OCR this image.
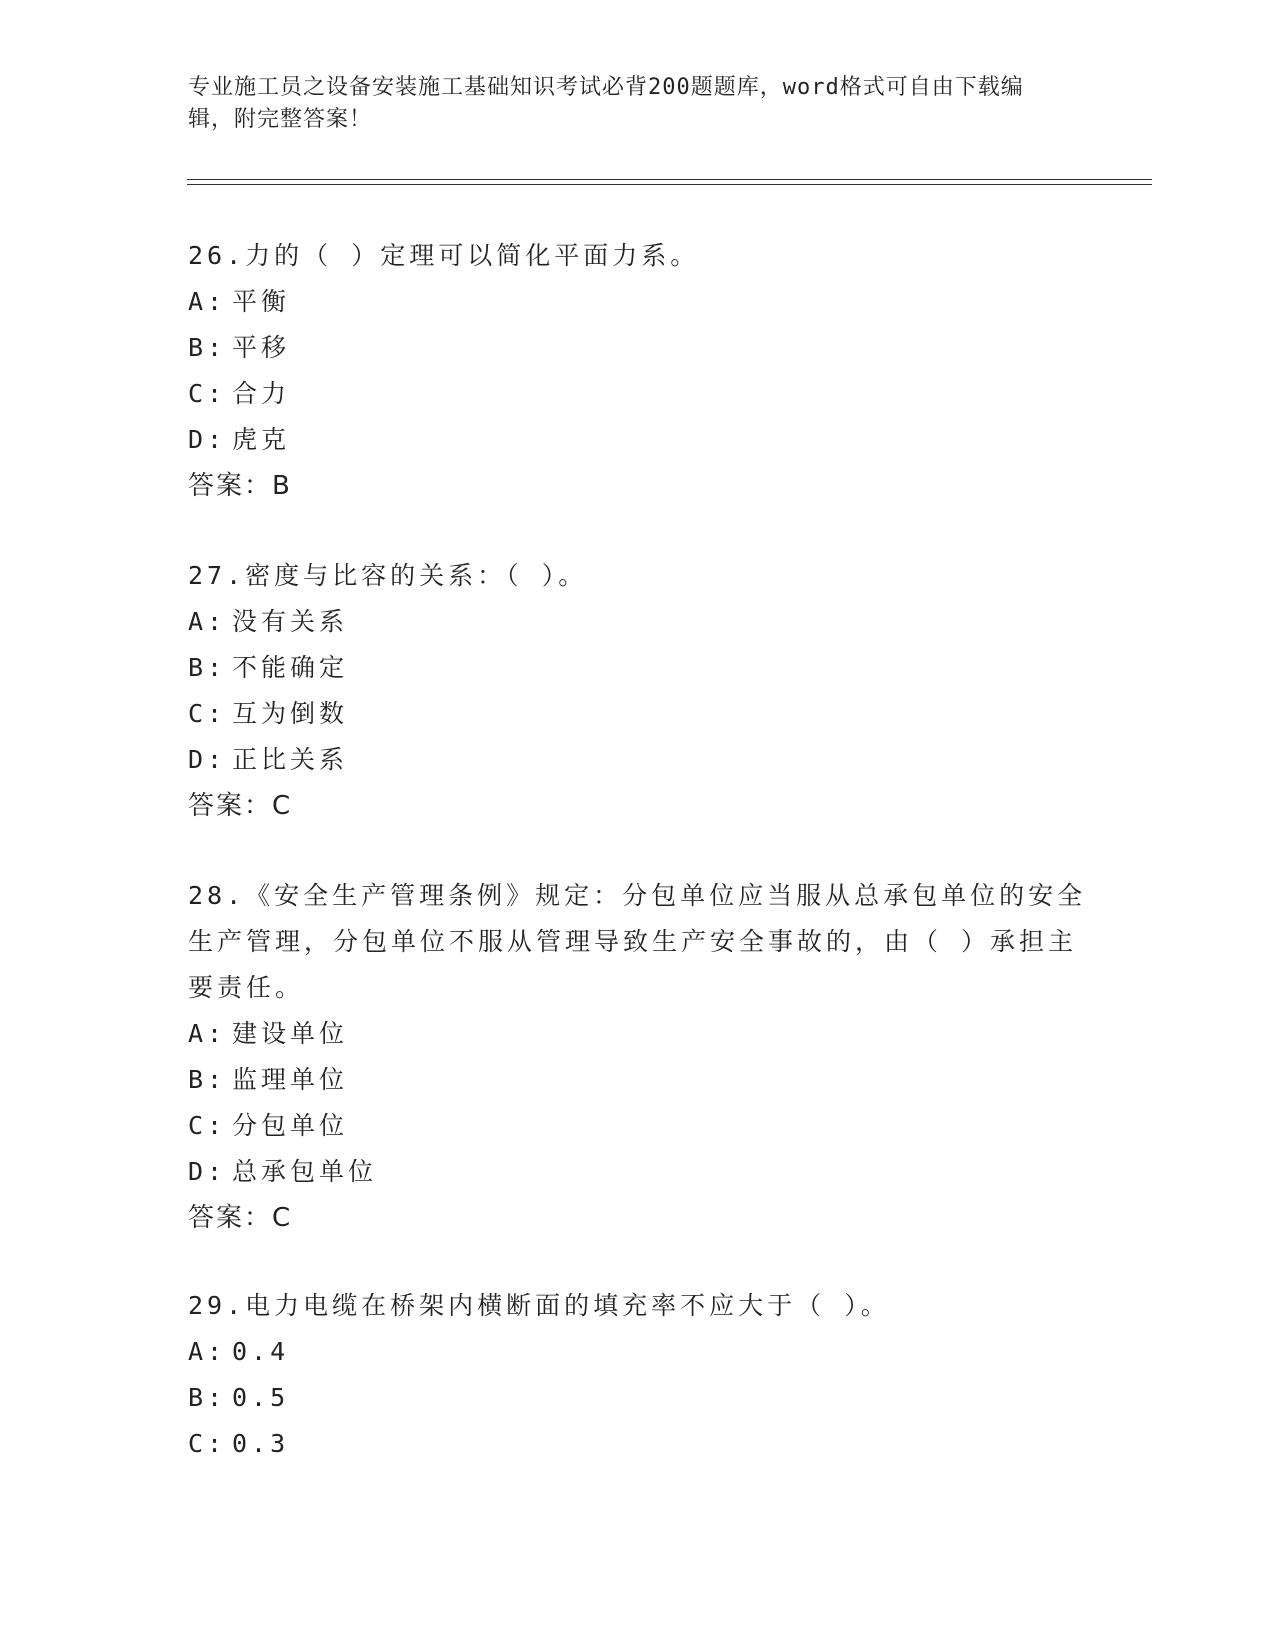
专业施工员之设备安装施工基础知识考试必背200题题库，word格式可自由下载编辑，附完整答案！
26.力的（ ）定理可以简化平面力系。
A: 平衡
B: 平移
C: 合力
D: 虎克
答案：B
27.密度与比容的关系：（ ）。
A: 没有关系
B: 不能确定
C: 互为倒数
D: 正比关系
答案：C
28.《安全生产管理条例》规定：分包单位应当服从总承包单位的安全生产管理，分包单位不服从管理导致生产安全事故的，由（ ）承担主要责任。
A: 建设单位
B: 监理单位
C: 分包单位
D: 总承包单位
答案：C
29.电力电缆在桥架内横断面的填充率不应大于（ ）。
A: 0.4
B: 0.5
C: 0.3
